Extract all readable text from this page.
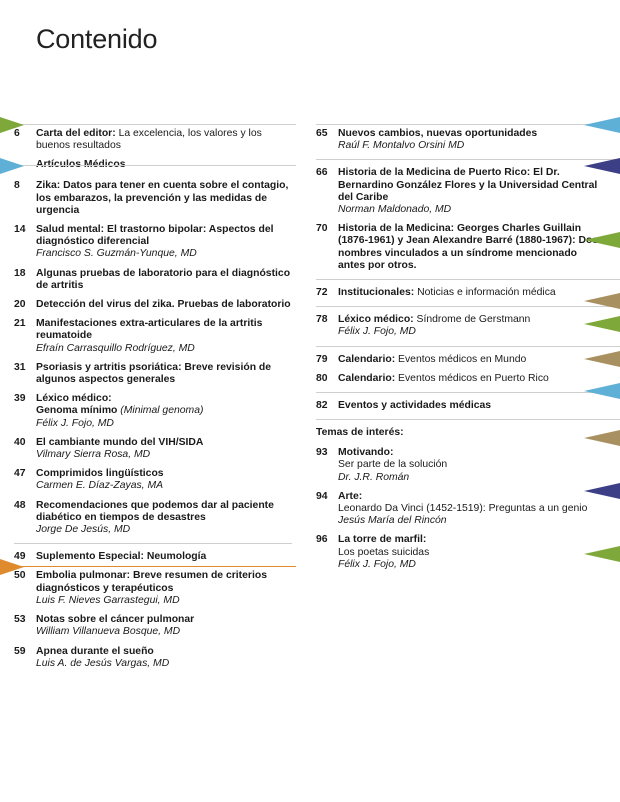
Contenido
6	Carta del editor: La excelencia, los valores y los buenos resultados
Artículos Médicos
8	Zika: Datos para tener en cuenta sobre el contagio, los embarazos, la prevención y las medidas de urgencia
14	Salud mental: El trastorno bipolar: Aspectos del diagnóstico diferencial
Francisco S. Guzmán-Yunque, MD
18	Algunas pruebas de laboratorio para el diagnóstico de artritis
20	Detección del virus del zika. Pruebas de laboratorio
21	Manifestaciones extra-articulares de la artritis reumatoide
Efraín Carrasquillo Rodríguez, MD
31	Psoriasis y artritis psoriática: Breve revisión de algunos aspectos generales
39	Léxico médico:
Genoma mínimo (Minimal genoma)
Félix J. Fojo, MD
40	El cambiante mundo del VIH/SIDA
Vilmary Sierra Rosa, MD
47	Comprimidos lingüísticos
Carmen E. Díaz-Zayas, MA
48	Recomendaciones que podemos dar al paciente diabético en tiempos de desastres
Jorge De Jesús, MD
49	Suplemento Especial: Neumología
50	Embolia pulmonar: Breve resumen de criterios diagnósticos y terapéuticos
Luis F. Nieves Garrastegui, MD
53	Notas sobre el cáncer pulmonar
William Villanueva Bosque, MD
59	Apnea durante el sueño
Luis A. de Jesús Vargas, MD
65	Nuevos cambios, nuevas oportunidades
Raúl F. Montalvo Orsini MD
66	Historia de la Medicina de Puerto Rico: El Dr. Bernardino González Flores y la Universidad Central del Caribe
Norman Maldonado, MD
70	Historia de la Medicina: Georges Charles Guillain (1876-1961) y Jean Alexandre Barré (1880-1967): Dos nombres vinculados a un síndrome mencionado antes por otros.
72	Institucionales: Noticias e información médica
78	Léxico médico: Síndrome de Gerstmann
Félix J. Fojo, MD
79	Calendario: Eventos médicos en Mundo
80	Calendario: Eventos médicos en Puerto Rico
82	Eventos y actividades médicas
Temas de interés:
93	Motivando:
Ser parte de la solución
Dr. J.R. Román
94	Arte:
Leonardo Da Vinci (1452-1519): Preguntas a un genio
Jesús María del Rincón
96	La torre de marfil:
Los poetas suicidas
Félix J. Fojo, MD
